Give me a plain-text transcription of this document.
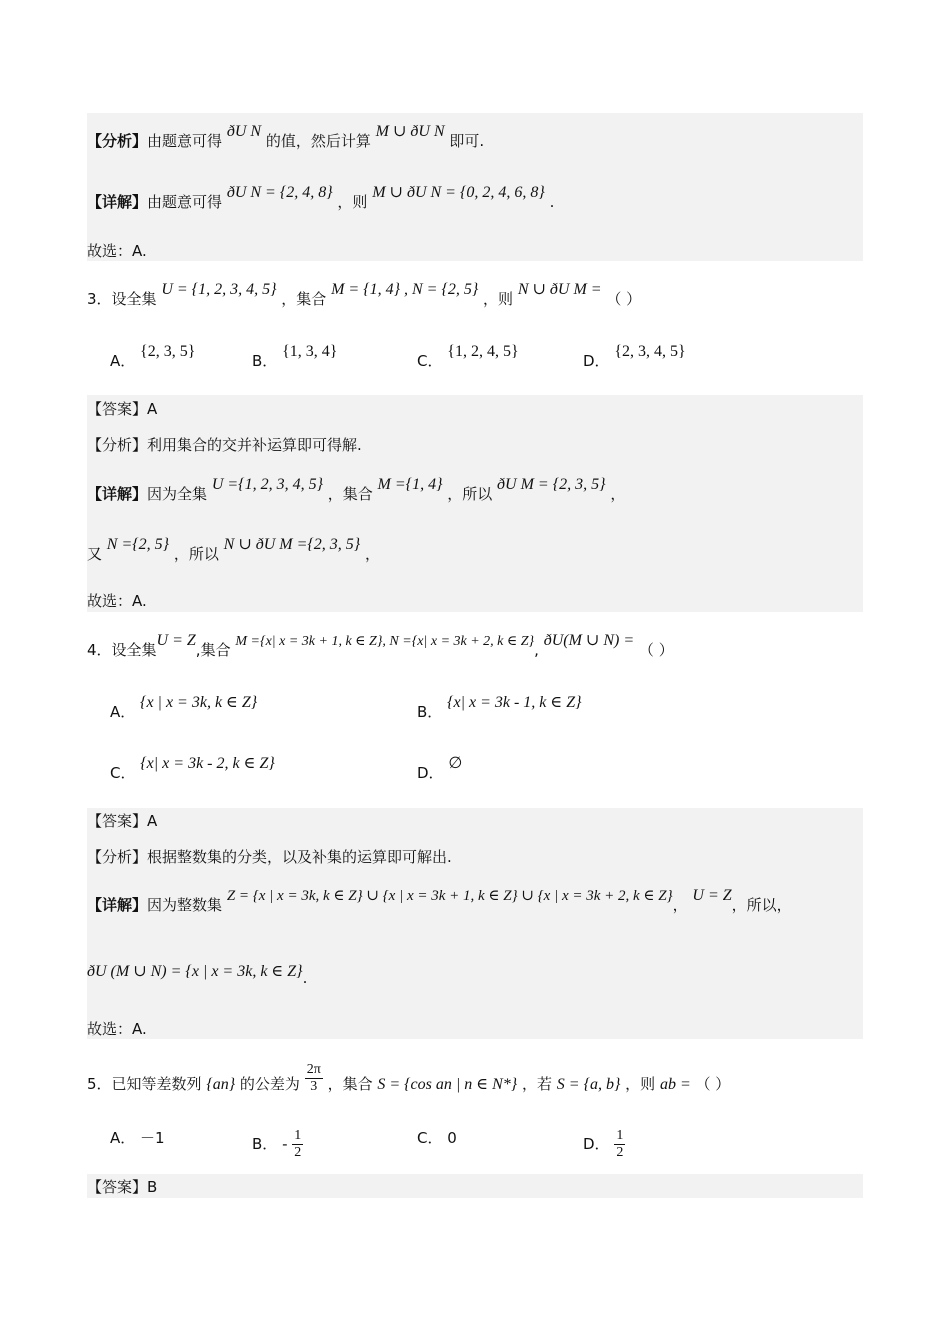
【分析】由题意可得 ðU N 的值，然后计算 M ∪ ðU N 即可.
【详解】由题意可得 ðU N = {2, 4, 8} ，则 M ∪ ðU N = {0, 2, 4, 6, 8} .
故选：A.
3．设全集 U = {1, 2, 3, 4, 5} ，集合 M = {1, 4} , N = {2, 5} ，则 N ∪ ðU M = （ ）
A． {2, 3, 5}
B． {1, 3, 4}
C． {1, 2, 4, 5}
D． {2, 3, 4, 5}
【答案】A
【分析】利用集合的交并补运算即可得解.
【详解】因为全集 U ={1, 2, 3, 4, 5} ，集合 M ={1, 4} ，所以 ðU M = {2, 3, 5} ，
又 N ={2, 5} ，所以 N ∪ ðU M ={2, 3, 5} ，
故选：A.
4．设全集U = Z,集合 M ={x| x = 3k + 1, k ∈ Z}, N ={x| x = 3k + 2, k ∈ Z}, ðU(M ∪ N) = （ ）
A． {x | x = 3k, k ∈ Z}
B． {x| x = 3k - 1, k ∈ Z}
C． {x| x = 3k - 2, k ∈ Z}
D． ∅
【答案】A
【分析】根据整数集的分类，以及补集的运算即可解出.
【详解】因为整数集 Z = {x | x = 3k, k ∈ Z} ∪ {x | x = 3k + 1, k ∈ Z} ∪ {x | x = 3k + 2, k ∈ Z}， U = Z，所以，
ðU (M ∪ N) = {x | x = 3k, k ∈ Z}.
故选：A.
5．已知等差数列 {an} 的公差为 $\frac{2\pi}{3}$ ，集合 S = {cos an | n ∈ N*} ，若 S = {a, b} ，则 ab = （ ）
A． －1	B． - $\frac{1}{2}$	C． 0	D． $\frac{1}{2}$
【答案】B
